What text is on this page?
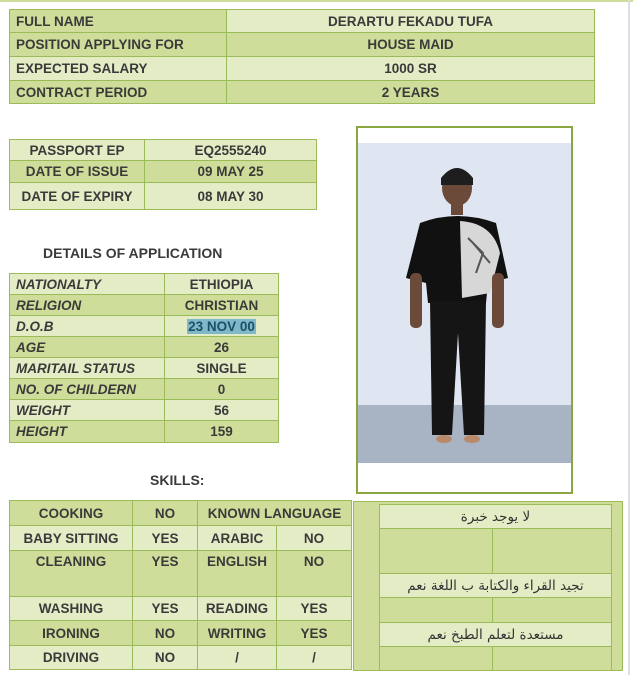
FULL NAME	DERARTU FEKADU TUFA
POSITION APPLYING FOR	HOUSE MAID
EXPECTED SALARY	1000 SR
CONTRACT PERIOD	2 YEARS
PASSPORT EP	EQ2555240
DATE OF ISSUE	09 MAY 25
DATE OF EXPIRY	08 MAY 30
DETAILS OF APPLICATION
NATIONALTY	ETHIOPIA
RELIGION	CHRISTIAN
D.O.B	23 NOV 00
AGE	26
MARITAIL STATUS	SINGLE
NO. OF CHILDERN	0
WEIGHT	56
HEIGHT	159
SKILLS:
COOKING	NO	KNOWN LANGUAGE	
BABY SITTING	YES	ARABIC	NO
CLEANING	YES	ENGLISH	NO
WASHING	YES	READING	YES
IRONING	NO	WRITING	YES
DRIVING	NO	/	/
لا يوجد خبرة	

تجيد القراء والكتابة ب اللغة نعم	

مستعدة لتعلم الطبخ نعم	
